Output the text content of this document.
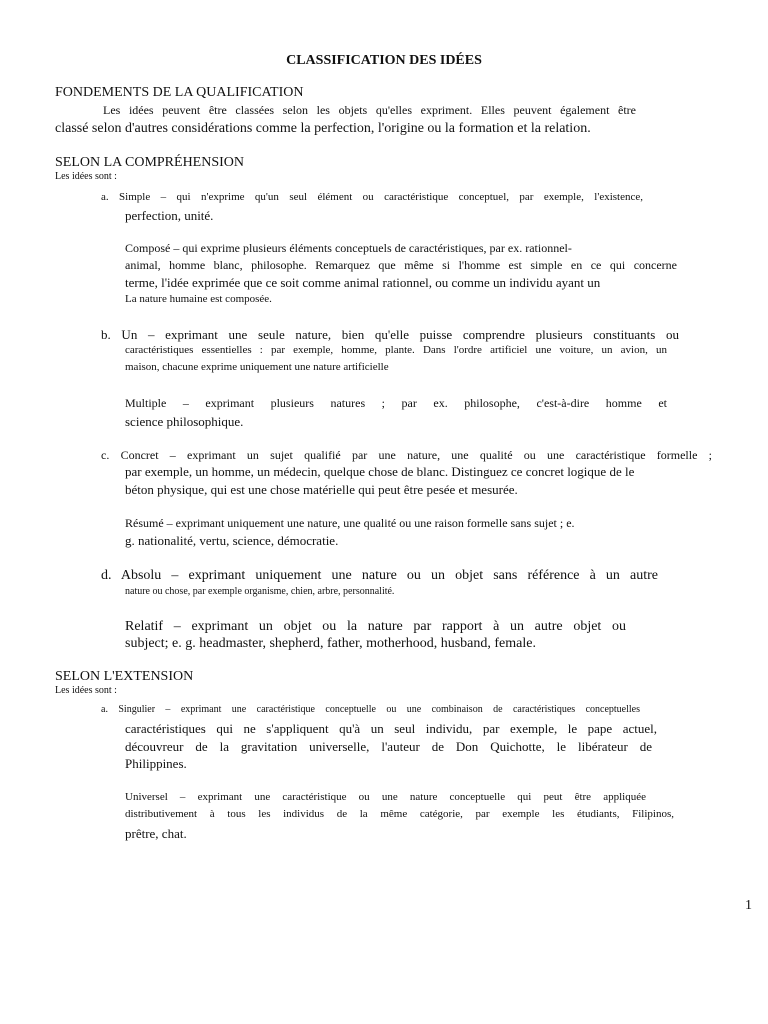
CLASSIFICATION DES IDÉES
FONDEMENTS DE LA QUALIFICATION
Les idées peuvent être classées selon les objets qu'elles expriment. Elles peuvent également être
classé selon d'autres considérations comme la perfection, l'origine ou la formation et la relation.
SELON LA COMPRÉHENSION
Les idées sont :
a. Simple – qui n'exprime qu'un seul élément ou caractéristique conceptuel, par exemple, l'existence,
perfection, unité.
Composé – qui exprime plusieurs éléments conceptuels de caractéristiques, par ex. rationnel-
animal, homme blanc, philosophe. Remarquez que même si l'homme est simple en ce qui concerne
terme, l'idée exprimée que ce soit comme animal rationnel, ou comme un individu ayant un
La nature humaine est composée.
b. Un – exprimant une seule nature, bien qu'elle puisse comprendre plusieurs constituants ou
caractéristiques essentielles : par exemple, homme, plante. Dans l'ordre artificiel une voiture, un avion, un
maison, chacune exprime uniquement une nature artificielle
Multiple – exprimant plusieurs natures ; par ex. philosophe, c'est-à-dire homme et
science philosophique.
c. Concret – exprimant un sujet qualifié par une nature, une qualité ou une caractéristique formelle ;
par exemple, un homme, un médecin, quelque chose de blanc. Distinguez ce concret logique de le
béton physique, qui est une chose matérielle qui peut être pesée et mesurée.
Résumé – exprimant uniquement une nature, une qualité ou une raison formelle sans sujet ; e.
g. nationalité, vertu, science, démocratie.
d. Absolu – exprimant uniquement une nature ou un objet sans référence à un autre
nature ou chose, par exemple organisme, chien, arbre, personnalité.
Relatif – exprimant un objet ou la nature par rapport à un autre objet ou
subject; e. g. headmaster, shepherd, father, motherhood, husband, female.
SELON L'EXTENSION
Les idées sont :
a. Singulier – exprimant une caractéristique conceptuelle ou une combinaison de caractéristiques conceptuelles
caractéristiques qui ne s'appliquent qu'à un seul individu, par exemple, le pape actuel,
découvreur de la gravitation universelle, l'auteur de Don Quichotte, le libérateur de
Philippines.
Universel – exprimant une caractéristique ou une nature conceptuelle qui peut être appliquée
distributivement à tous les individus de la même catégorie, par exemple les étudiants, Filipinos,
prêtre, chat.
1
